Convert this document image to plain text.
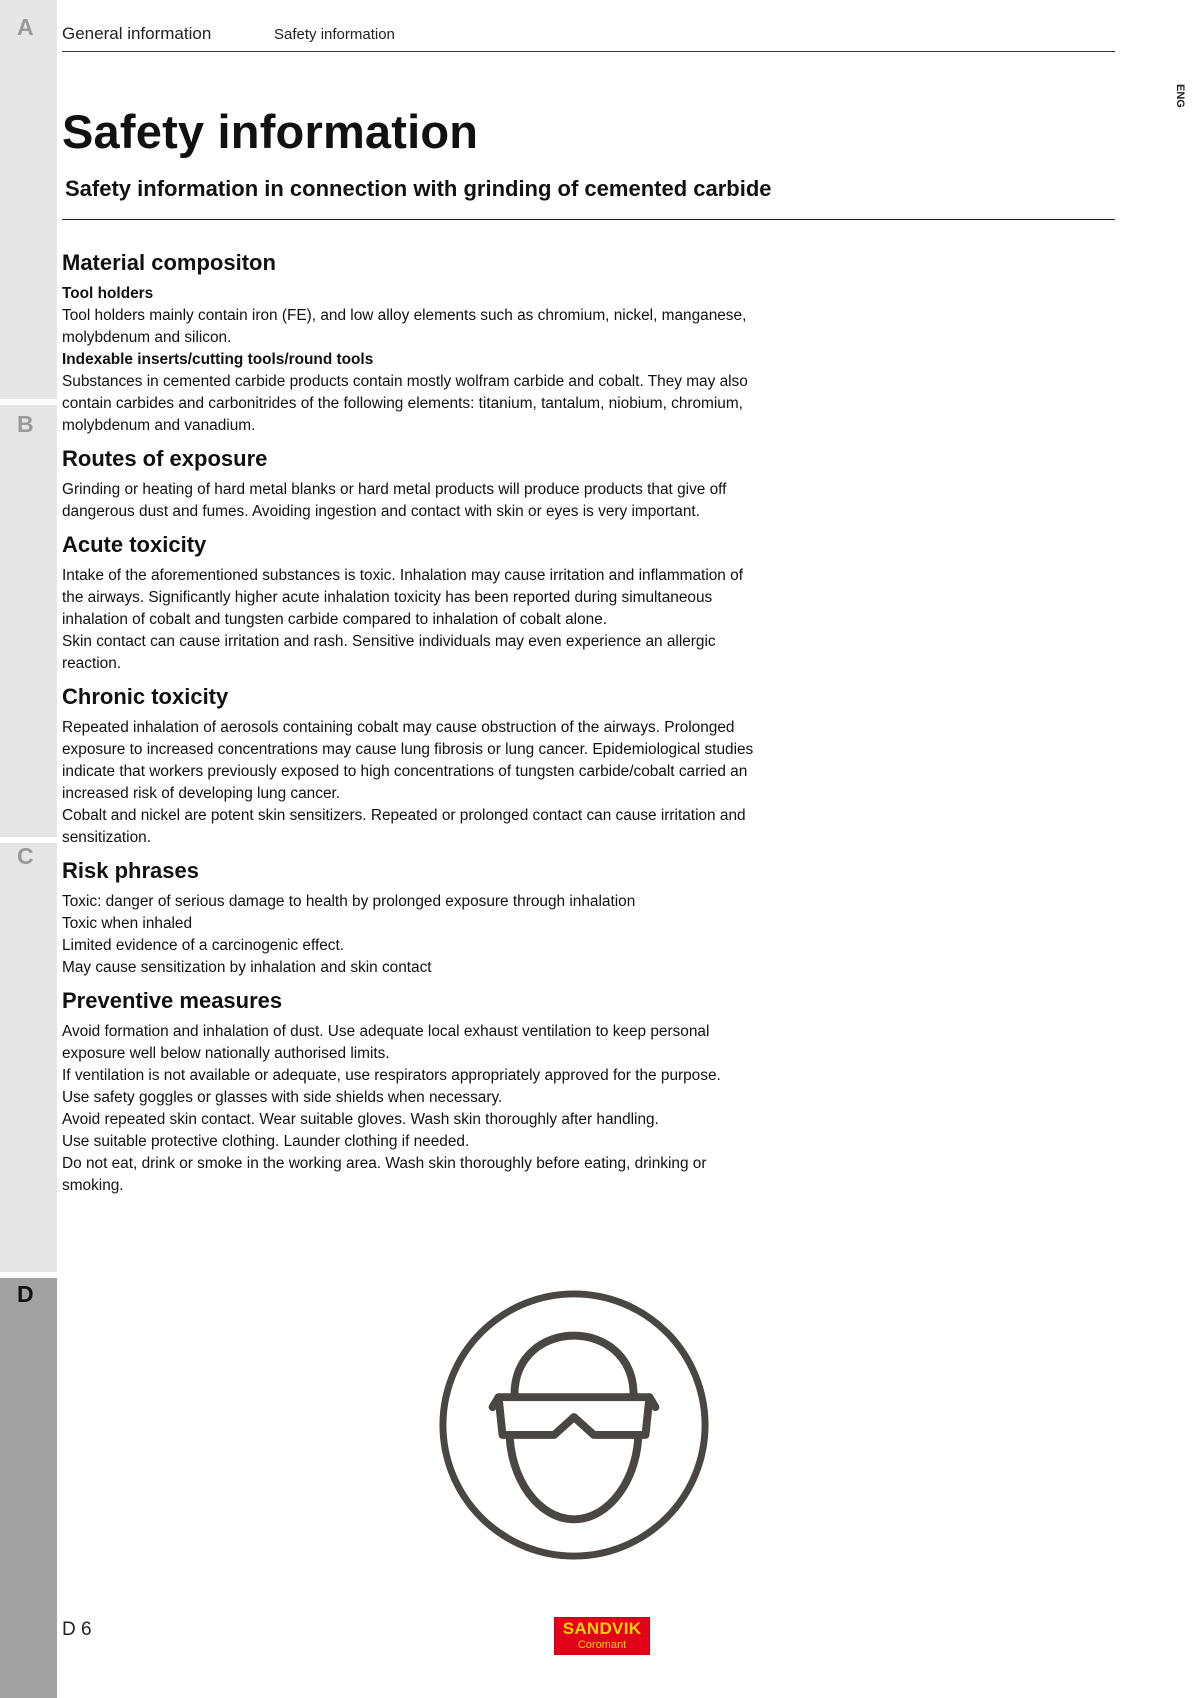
A
B
C
D
General information	Safety information
ENG
Safety information
Safety information in connection with grinding of cemented carbide
Material compositon

Tool holders

Tool holders mainly contain iron (FE), and low alloy elements such as chromium, nickel, manganese, molybdenum and silicon.

Indexable inserts/cutting tools/round tools

Substances in cemented carbide products contain mostly wolfram carbide and cobalt. They may also contain carbides and carbonitrides of the following elements: titanium, tantalum, niobium, chromium, molybdenum and vanadium.

Routes of exposure

Grinding or heating of hard metal blanks or hard metal products will produce products that give off dangerous dust and fumes. Avoiding ingestion and contact with skin or eyes is very important.

Acute toxicity

Intake of the aforementioned substances is toxic. Inhalation may cause irritation and inflammation of the airways. Significantly higher acute inhalation toxicity has been reported during simultaneous inhalation of cobalt and tungsten carbide compared to inhalation of cobalt alone.

Skin contact can cause irritation and rash. Sensitive individuals may even experience an allergic reaction.

Chronic toxicity

Repeated inhalation of aerosols containing cobalt may cause obstruction of the airways. Prolonged exposure to increased concentrations may cause lung fibrosis or lung cancer. Epidemiological studies indicate that workers previously exposed to high concentrations of tungsten carbide/cobalt carried an increased risk of developing lung cancer.

Cobalt and nickel are potent skin sensitizers. Repeated or prolonged contact can cause irritation and sensitization.

Risk phrases

Toxic: danger of serious damage to health by prolonged exposure through inhalation

Toxic when inhaled

Limited evidence of a carcinogenic effect.

May cause sensitization by inhalation and skin contact

Preventive measures

Avoid formation and inhalation of dust. Use adequate local exhaust ventilation to keep personal exposure well below nationally authorised limits.

If ventilation is not available or adequate, use respirators appropriately approved for the purpose.

Use safety goggles or glasses with side shields when necessary.

Avoid repeated skin contact. Wear suitable gloves. Wash skin thoroughly after handling.

Use suitable protective clothing. Launder clothing if needed.

Do not eat, drink or smoke in the working area. Wash skin thoroughly before eating, drinking or smoking.

D 6	SANDVIK
Coromant
